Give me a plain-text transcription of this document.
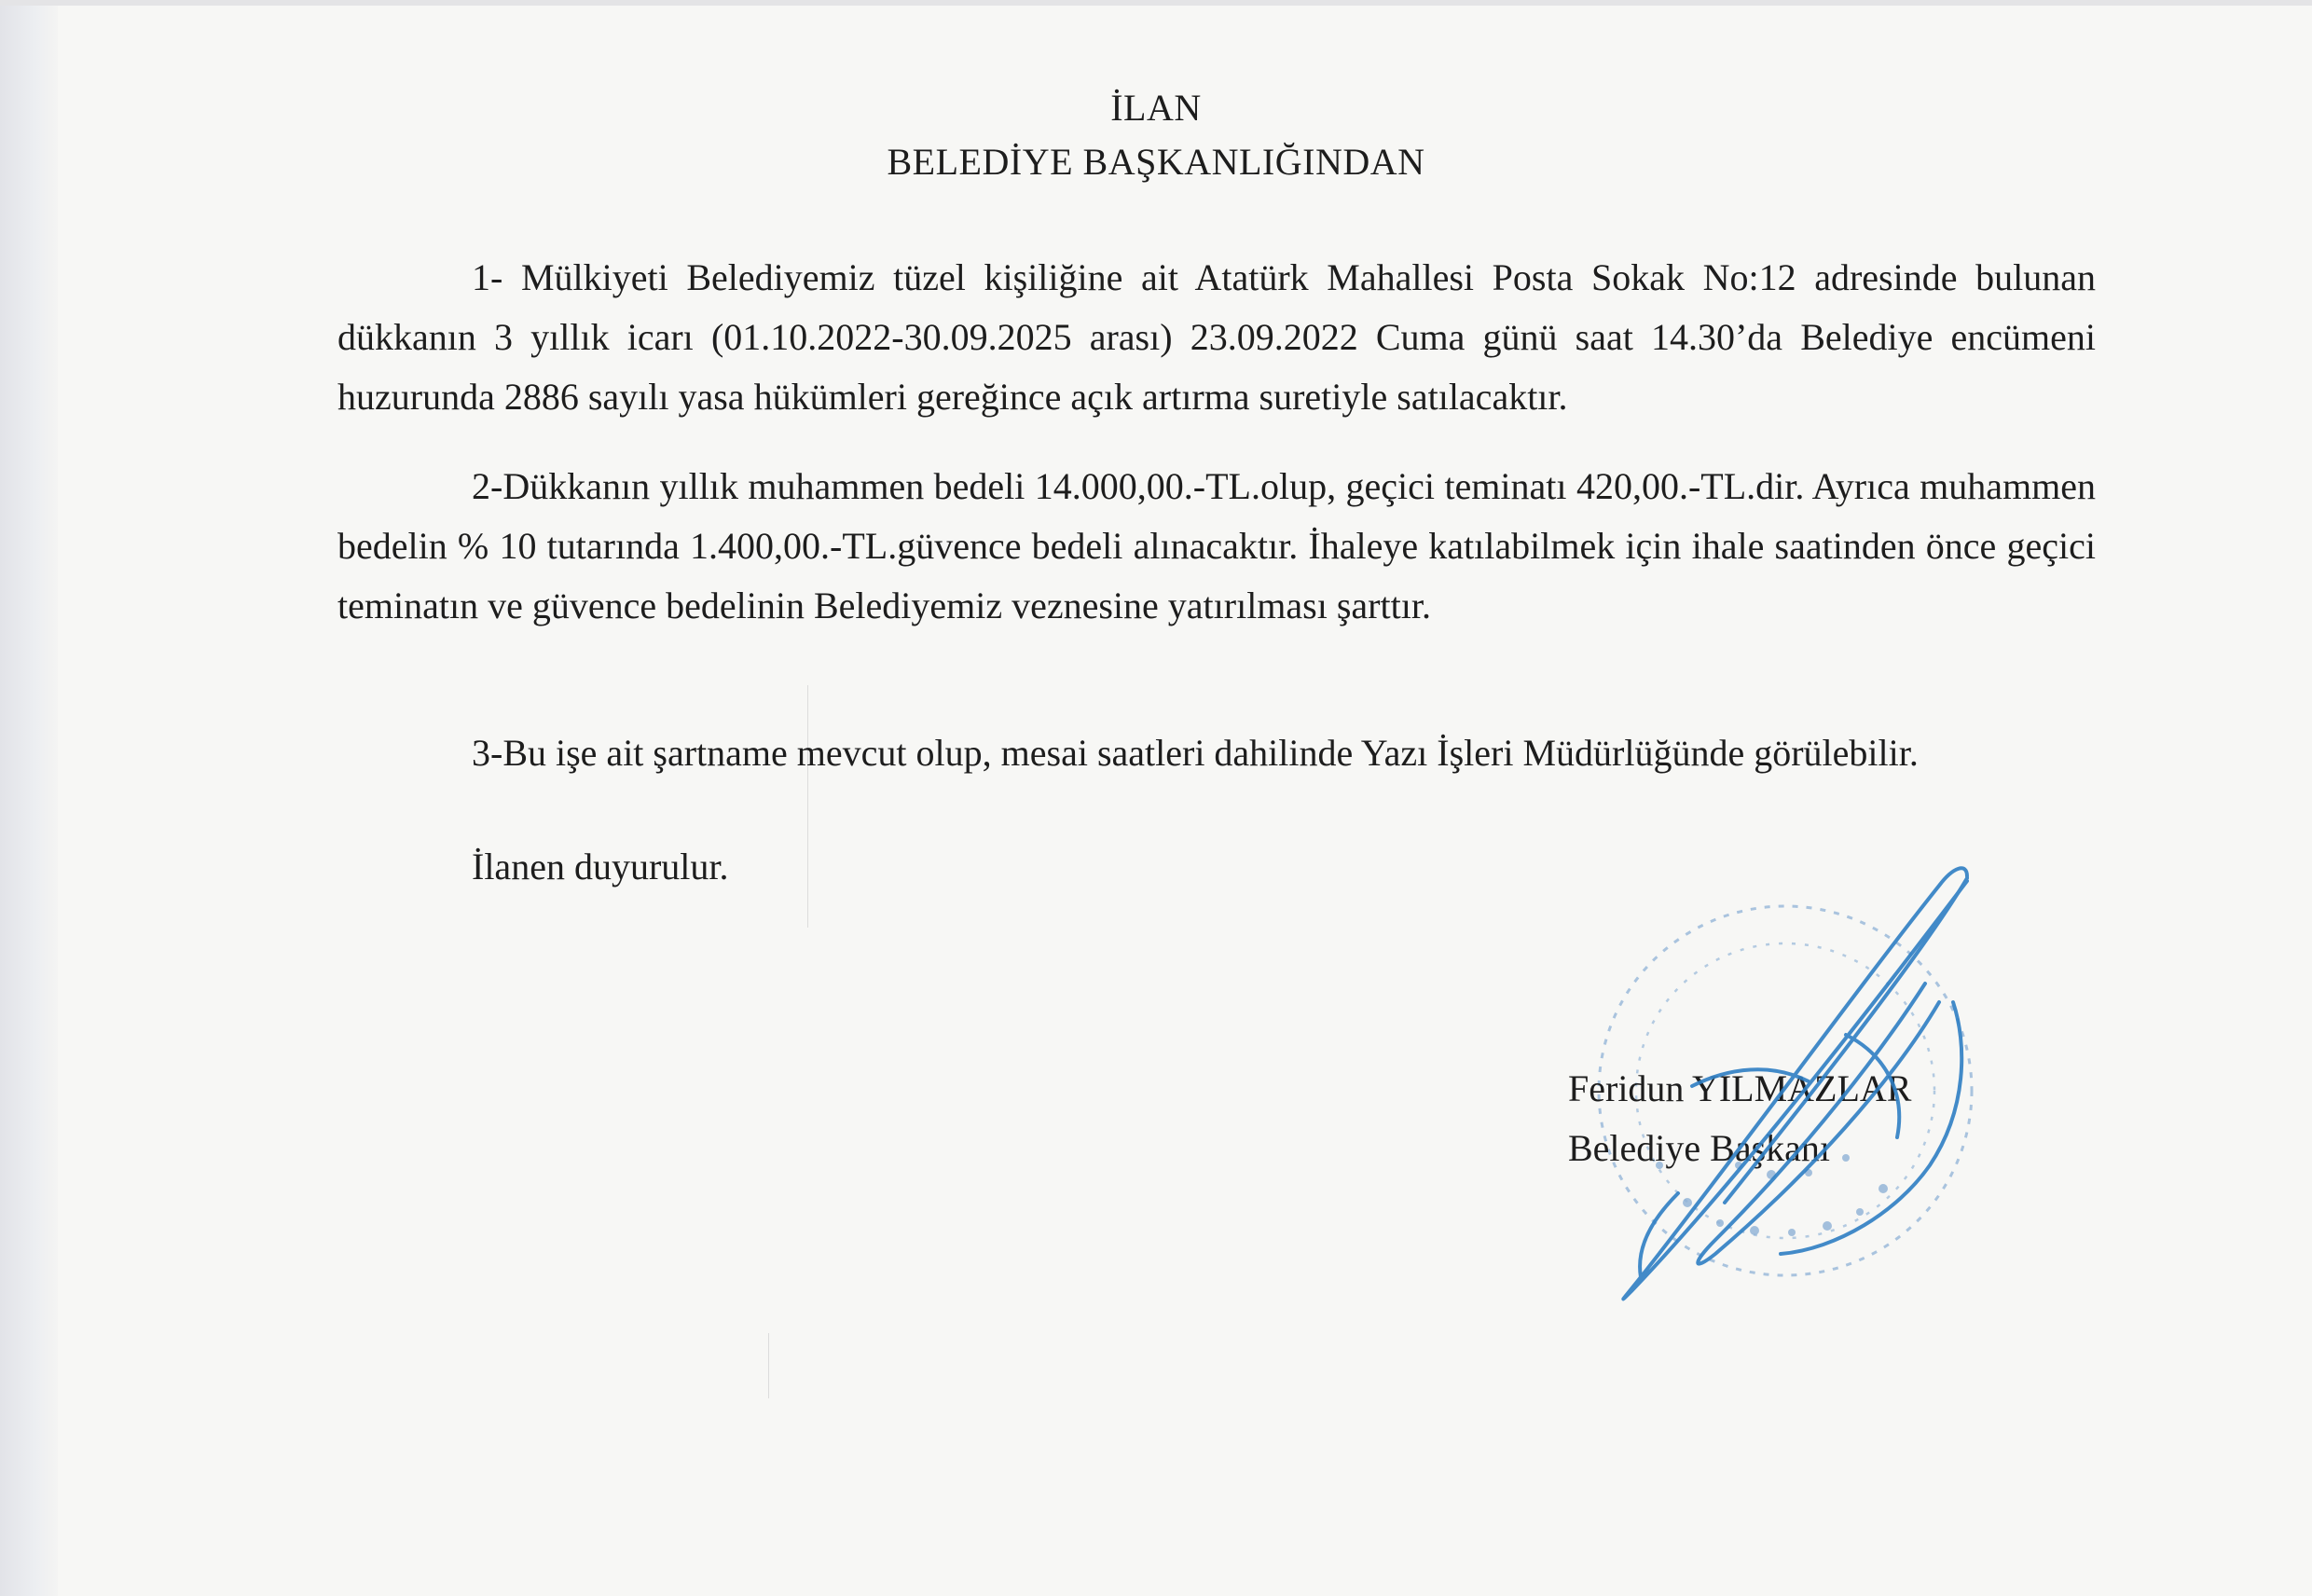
İLAN
BELEDİYE BAŞKANLIĞINDAN

1- Mülkiyeti Belediyemiz tüzel kişiliğine ait Atatürk Mahallesi Posta Sokak No:12 adresinde bulunan dükkanın 3 yıllık icarı (01.10.2022-30.09.2025 arası) 23.09.2022 Cuma günü saat 14.30’da Belediye encümeni huzurunda 2886 sayılı yasa hükümleri gereğince açık artırma suretiyle satılacaktır.

2-Dükkanın yıllık muhammen bedeli 14.000,00.-TL.olup, geçici teminatı 420,00.-TL.dir. Ayrıca muhammen bedelin % 10 tutarında 1.400,00.-TL.güvence bedeli alınacaktır. İhaleye katılabilmek için ihale saatinden önce geçici teminatın ve güvence bedelinin Belediyemiz veznesine yatırılması şarttır.

3-Bu işe ait şartname mevcut olup, mesai saatleri dahilinde Yazı İşleri Müdürlüğünde görülebilir.

İlanen duyurulur.
Feridun YILMAZLAR
Belediye Başkanı
